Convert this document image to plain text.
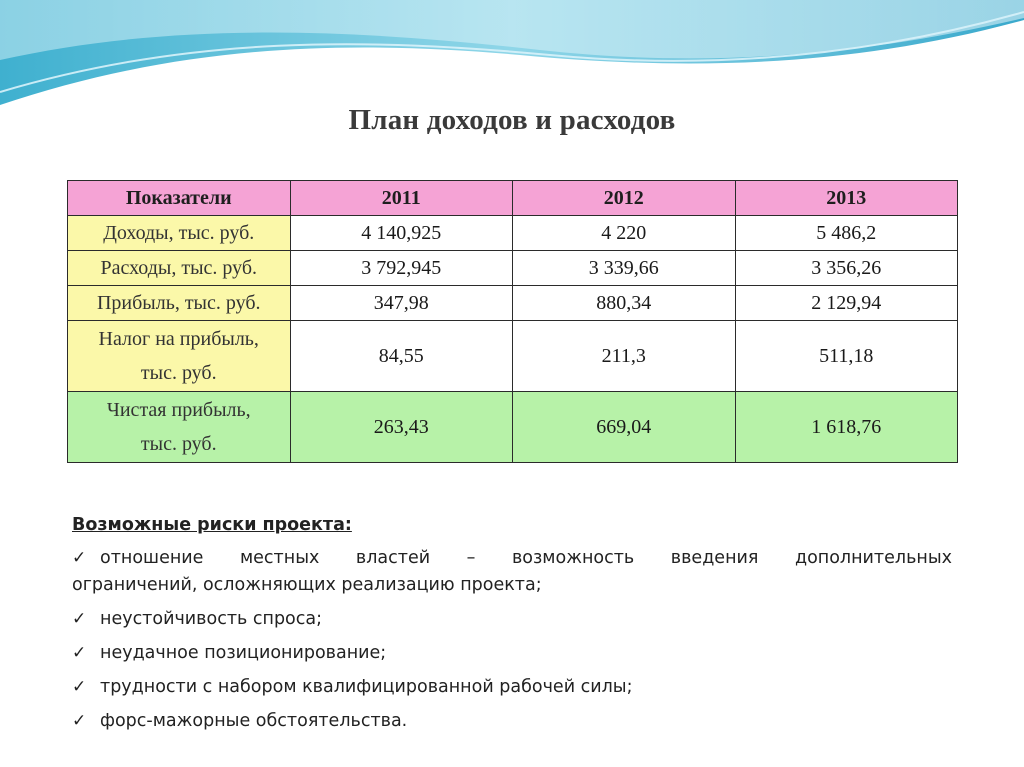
План доходов и расходов
Показатели	2011	2012	2013
Доходы, тыс. руб.	4 140,925	4 220	5 486,2
Расходы, тыс. руб.	3 792,945	3 339,66	3 356,26
Прибыль, тыс. руб.	347,98	880,34	2 129,94

Налог на прибыль,
тыс. руб.	84,55	211,3	511,18

Чистая прибыль,
тыс. руб.	263,43	669,04	1 618,76
Возможные риски проекта:
✓ отношение местных властей – возможность введения дополнительных
ограничений, осложняющих реализацию проекта;
✓ неустойчивость спроса;
✓ неудачное позиционирование;
✓ трудности с набором квалифицированной рабочей силы;
✓ форс-мажорные обстоятельства.
